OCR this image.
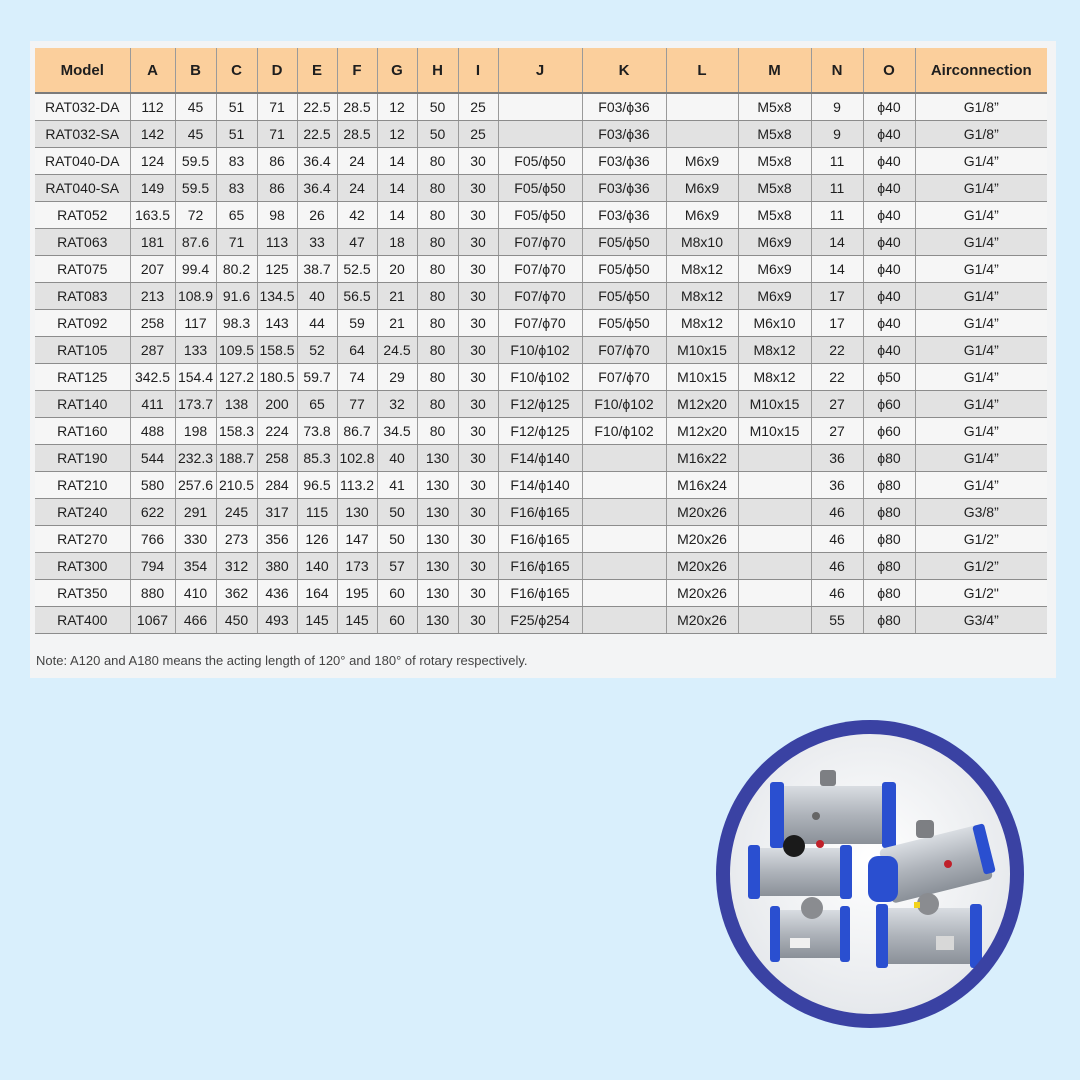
Model	A	B	C	D	E	F	G	H	I	J	K	L	M	N	O	Airconnection
RAT032-DA	112	45	51	71	22.5	28.5	12	50	25		F03/ϕ36		M5x8	9	ϕ40	G1/8”
RAT032-SA	142	45	51	71	22.5	28.5	12	50	25		F03/ϕ36		M5x8	9	ϕ40	G1/8”
RAT040-DA	124	59.5	83	86	36.4	24	14	80	30	F05/ϕ50	F03/ϕ36	M6x9	M5x8	11	ϕ40	G1/4”
RAT040-SA	149	59.5	83	86	36.4	24	14	80	30	F05/ϕ50	F03/ϕ36	M6x9	M5x8	11	ϕ40	G1/4”
RAT052	163.5	72	65	98	26	42	14	80	30	F05/ϕ50	F03/ϕ36	M6x9	M5x8	11	ϕ40	G1/4”
RAT063	181	87.6	71	113	33	47	18	80	30	F07/ϕ70	F05/ϕ50	M8x10	M6x9	14	ϕ40	G1/4”
RAT075	207	99.4	80.2	125	38.7	52.5	20	80	30	F07/ϕ70	F05/ϕ50	M8x12	M6x9	14	ϕ40	G1/4”
RAT083	213	108.9	91.6	134.5	40	56.5	21	80	30	F07/ϕ70	F05/ϕ50	M8x12	M6x9	17	ϕ40	G1/4”
RAT092	258	117	98.3	143	44	59	21	80	30	F07/ϕ70	F05/ϕ50	M8x12	M6x10	17	ϕ40	G1/4”
RAT105	287	133	109.5	158.5	52	64	24.5	80	30	F10/ϕ102	F07/ϕ70	M10x15	M8x12	22	ϕ40	G1/4”
RAT125	342.5	154.4	127.2	180.5	59.7	74	29	80	30	F10/ϕ102	F07/ϕ70	M10x15	M8x12	22	ϕ50	G1/4”
RAT140	411	173.7	138	200	65	77	32	80	30	F12/ϕ125	F10/ϕ102	M12x20	M10x15	27	ϕ60	G1/4”
RAT160	488	198	158.3	224	73.8	86.7	34.5	80	30	F12/ϕ125	F10/ϕ102	M12x20	M10x15	27	ϕ60	G1/4”
RAT190	544	232.3	188.7	258	85.3	102.8	40	130	30	F14/ϕ140		M16x22		36	ϕ80	G1/4”
RAT210	580	257.6	210.5	284	96.5	113.2	41	130	30	F14/ϕ140		M16x24		36	ϕ80	G1/4”
RAT240	622	291	245	317	115	130	50	130	30	F16/ϕ165		M20x26		46	ϕ80	G3/8”
RAT270	766	330	273	356	126	147	50	130	30	F16/ϕ165		M20x26		46	ϕ80	G1/2”
RAT300	794	354	312	380	140	173	57	130	30	F16/ϕ165		M20x26		46	ϕ80	G1/2”
RAT350	880	410	362	436	164	195	60	130	30	F16/ϕ165		M20x26		46	ϕ80	G1/2"
RAT400	1067	466	450	493	145	145	60	130	30	F25/ϕ254		M20x26		55	ϕ80	G3/4”
Note: A120 and A180 means the acting length of 120° and 180° of rotary respectively.
